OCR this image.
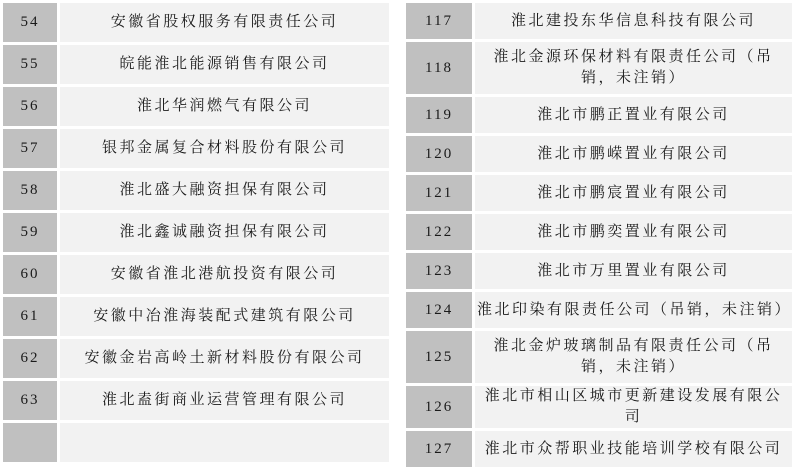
54	安徽省股权服务有限责任公司
55	皖能淮北能源销售有限公司
56	淮北华润燃气有限公司
57	银邦金属复合材料股份有限公司
58	淮北盛大融资担保有限公司
59	淮北鑫诚融资担保有限公司
60	安徽省淮北港航投资有限公司
61	安徽中冶淮海装配式建筑有限公司
62	安徽金岩高岭土新材料股份有限公司
63	淮北盍街商业运营管理有限公司

117	淮北建投东华信息科技有限公司
118	淮北金源环保材料有限责任公司（吊销，未注销）
119	淮北市鹏正置业有限公司
120	淮北市鹏嵘置业有限公司
121	淮北市鹏宸置业有限公司
122	淮北市鹏奕置业有限公司
123	淮北市万里置业有限公司
124	淮北印染有限责任公司（吊销，未注销）
125	淮北金炉玻璃制品有限责任公司（吊销，未注销）
126	淮北市相山区城市更新建设发展有限公司
127	淮北市众帮职业技能培训学校有限公司
